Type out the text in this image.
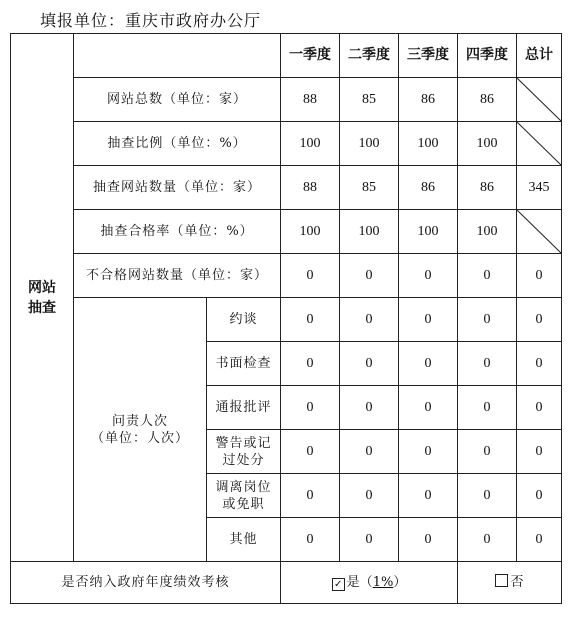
填报单位：重庆市政府办公厅
网站
抽查			一季度	二季度	三季度	四季度	总计
	网站总数（单位：家）		88	85	86	86	

	抽查比例（单位：%）		100	100	100	100	

	抽查网站数量（单位：家）		88	85	86	86	345
	抽查合格率（单位：%）		100	100	100	100	

	不合格网站数量（单位：家）		0	0	0	0	0

	问责人次
（单位：人次）	约谈	0	0	0	0	0

		书面检查	0	0	0	0	0

		通报批评	0	0	0	0	0

		警告或记
过处分	0	0	0	0	0

		调离岗位
或免职	0	0	0	0	0

		其他	0	0	0	0	0
是否纳入政府年度绩效考核			✓ 是（1%）			否	
